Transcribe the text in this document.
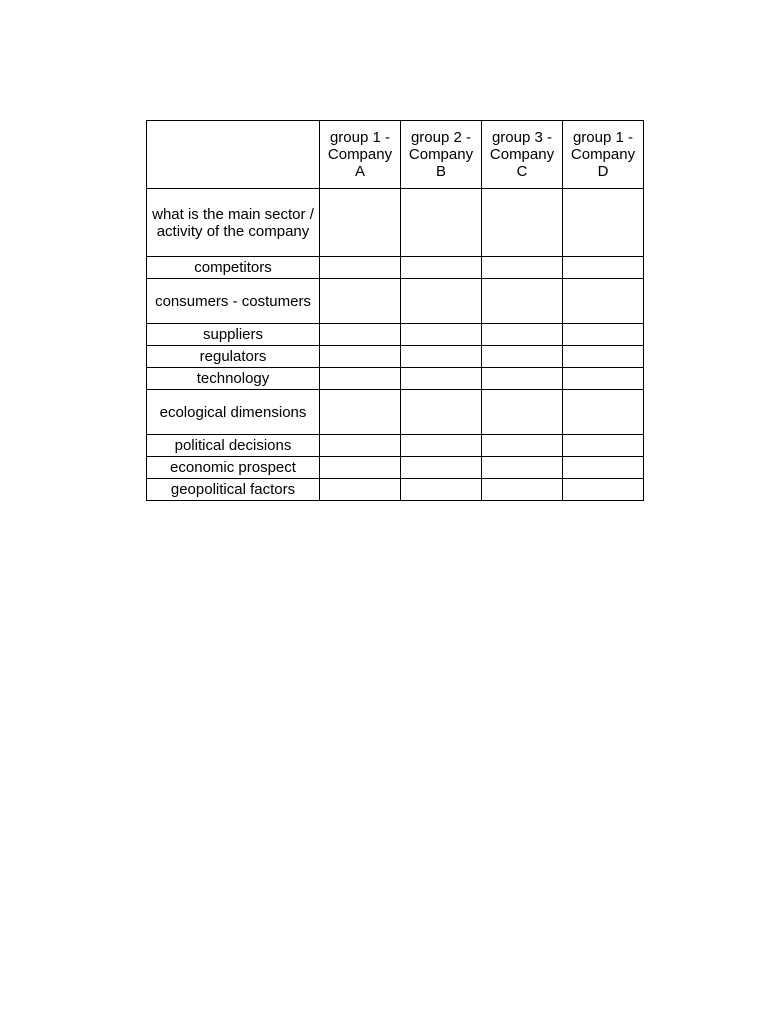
	group 1 - Company A	group 2 - Company B	group 3 - Company C	group 1 - Company D
what is the main sector / activity of the company				
competitors				
consumers - costumers				
suppliers				
regulators				
technology				
ecological dimensions				
political decisions				
economic prospect				
geopolitical factors				
